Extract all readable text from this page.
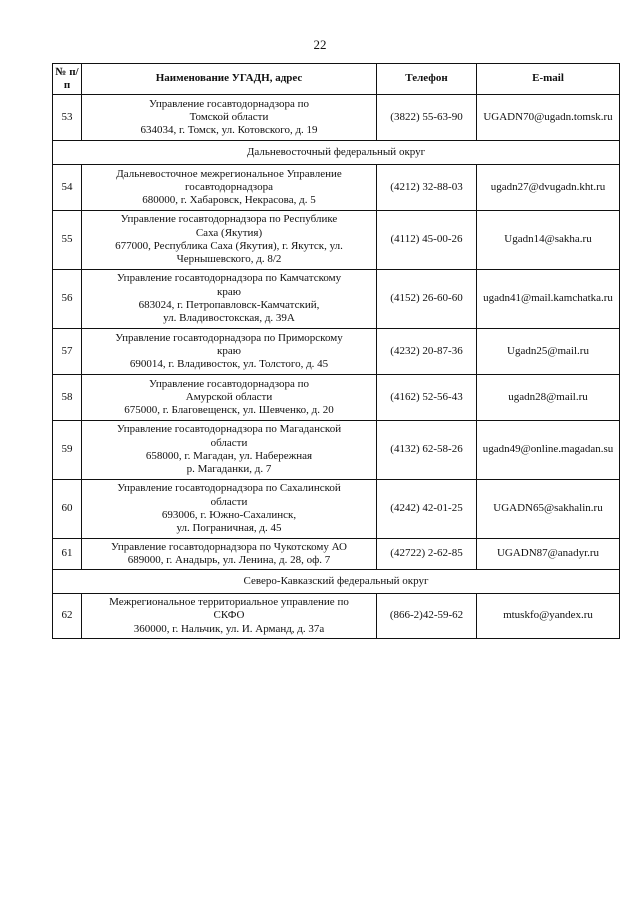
22
№ п/п	Наименование УГАДН, адрес	Телефон	E-mail
53	Управление госавтодорнадзора по
Томской области
634034, г. Томск, ул. Котовского, д. 19	(3822) 55-63-90	UGADN70@ugadn.tomsk.ru
Дальневосточный федеральный округ			
54	Дальневосточное межрегиональное Управление
госавтодорнадзора
680000, г. Хабаровск, Некрасова, д. 5	(4212) 32-88-03	ugadn27@dvugadn.kht.ru
55	Управление госавтодорнадзора по Республике
Саха (Якутия)
677000, Республика Саха (Якутия), г. Якутск, ул.
Чернышевского, д. 8/2	(4112) 45-00-26	Ugadn14@sakha.ru
56	Управление госавтодорнадзора по Камчатскому
краю
683024, г. Петропавловск-Камчатский,
ул. Владивостокская, д. 39А	(4152) 26-60-60	ugadn41@mail.kamchatka.ru
57	Управление госавтодорнадзора по Приморскому
краю
690014, г. Владивосток, ул. Толстого, д. 45	(4232) 20-87-36	Ugadn25@mail.ru
58	Управление госавтодорнадзора по
Амурской области
675000, г. Благовещенск, ул. Шевченко, д. 20	(4162) 52-56-43	ugadn28@mail.ru
59	Управление госавтодорнадзора по Магаданской
области
658000, г. Магадан, ул. Набережная
р. Магаданки, д. 7	(4132) 62-58-26	ugadn49@online.magadan.su
60	Управление госавтодорнадзора по Сахалинской
области
693006, г. Южно-Сахалинск,
ул. Пограничная, д. 45	(4242) 42-01-25	UGADN65@sakhalin.ru
61	Управление госавтодорнадзора по Чукотскому АО
689000, г. Анадырь, ул. Ленина, д. 28, оф. 7	(42722) 2-62-85	UGADN87@anadyr.ru
Северо-Кавказский федеральный округ			
62	Межрегиональное территориальное управление по
СКФО
360000, г. Нальчик, ул. И. Арманд, д. 37а	(866-2)42-59-62	mtuskfo@yandex.ru
